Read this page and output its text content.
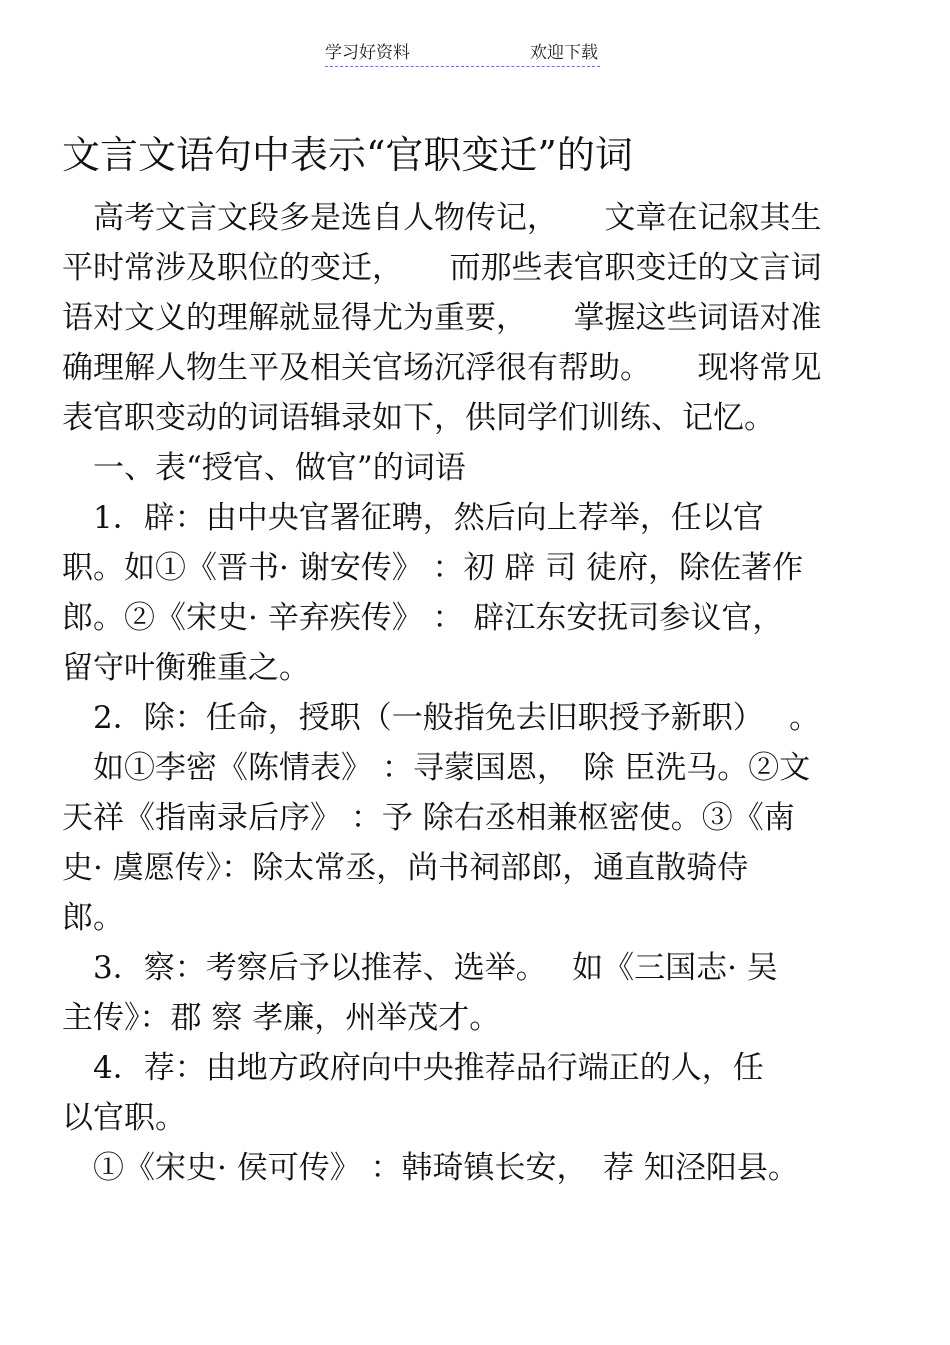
学习好资料	欢迎下载
文言文语句中表示“官职变迁”的词
　高考文言文段多是选自人物传记，　　文章在记叙其生
平时常涉及职位的变迁，　　而那些表官职变迁的文言词
语对文义的理解就显得尤为重要，　　掌握这些词语对准
确理解人物生平及相关官场沉浮很有帮助。　　现将常见
表官职变动的词语辑录如下，供同学们训练、记忆。
　一、表“授官、做官”的词语
　1．辟：由中央官署征聘，然后向上荐举，任以官
职。如①《晋书· 谢安传》 ：初 辟 司 徒府，除佐著作
郎。②《宋史· 辛弃疾传》 ： 辟江东安抚司参议官，
留守叶衡雅重之。
　2．除：任命，授职（一般指免去旧职授予新职）　 。
　如①李密《陈情表》 ：寻蒙国恩，　除 臣洗马。②文
天祥《指南录后序》 ：予 除右丞相兼枢密使。③《南
史· 虞愿传》：除太常丞，尚书祠部郎，通直散骑侍
郎。
　3．察：考察后予以推荐、选举。　 如《三国志· 吴
主传》：郡 察 孝廉，州举茂才。
　4．荐：由地方政府向中央推荐品行端正的人，任
以官职。
　①《宋史· 侯可传》 ：韩琦镇长安，　荐 知泾阳县。
